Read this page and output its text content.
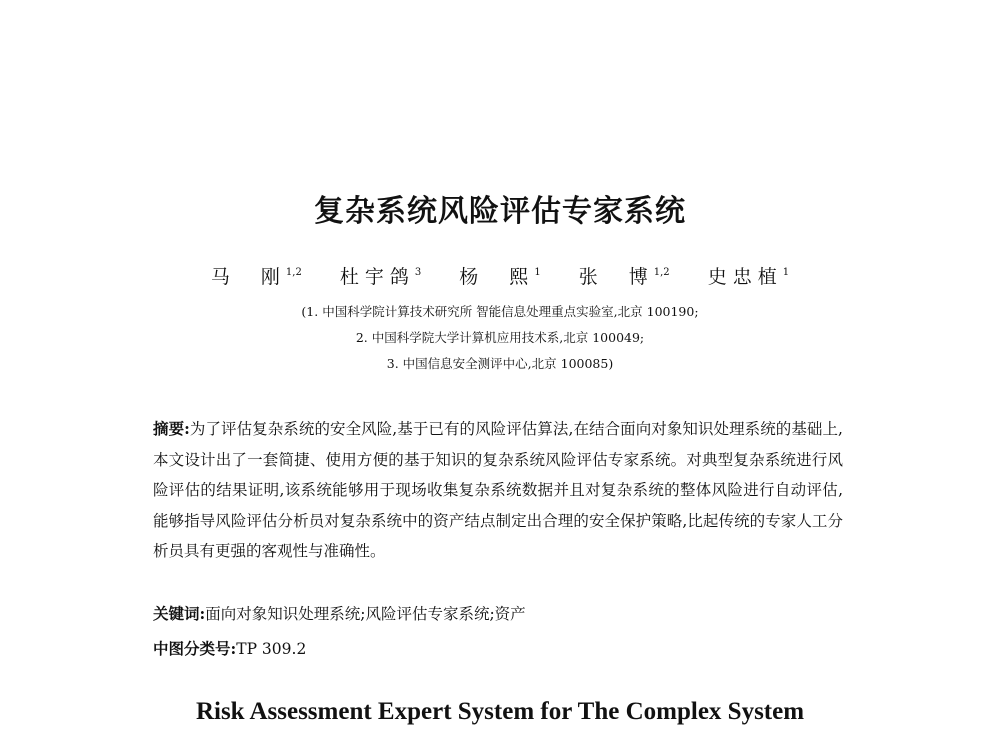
复杂系统风险评估专家系统
马　刚$^{1,2}$ 杜宇鸽$^3$ 杨　熙$^1$ 张　博$^{1,2}$ 史忠植$^1$
(1. 中国科学院计算技术研究所 智能信息处理重点实验室,北京 100190;
2. 中国科学院大学计算机应用技术系,北京 100049;
3. 中国信息安全测评中心,北京 100085)
摘要:为了评估复杂系统的安全风险,基于已有的风险评估算法,在结合面向对象知识处理系统的基础上,本文设计出了一套简捷、使用方便的基于知识的复杂系统风险评估专家系统。对典型复杂系统进行风险评估的结果证明,该系统能够用于现场收集复杂系统数据并且对复杂系统的整体风险进行自动评估,能够指导风险评估分析员对复杂系统中的资产结点制定出合理的安全保护策略,比起传统的专家人工分析员具有更强的客观性与准确性。
关键词:面向对象知识处理系统;风险评估专家系统;资产
中图分类号:TP 309.2
Risk Assessment Expert System for The Complex System
